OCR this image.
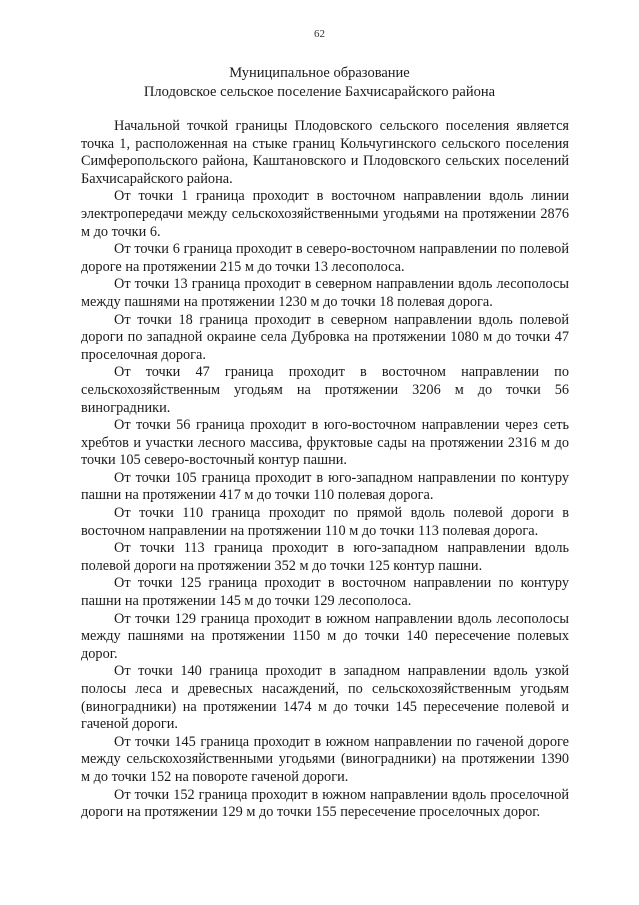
62
Муниципальное образование
Плодовское сельское поселение Бахчисарайского района

Начальной точкой границы Плодовского сельского поселения является точка 1, расположенная на стыке границ Кольчугинского сельского поселения Симферопольского района, Каштановского и Плодовского сельских поселений Бахчисарайского района.

От точки 1 граница проходит в восточном направлении вдоль линии электропередачи между сельскохозяйственными угодьями на протяжении 2876 м до точки 6.

От точки 6 граница проходит в северо-восточном направлении по полевой дороге на протяжении 215 м до точки 13 лесополоса.

От точки 13 граница проходит в северном направлении вдоль лесополосы между пашнями на протяжении 1230 м до точки 18 полевая дорога.

От точки 18 граница проходит в северном направлении вдоль полевой дороги по западной окраине села Дубровка на протяжении 1080 м до точки 47 проселочная дорога.

От точки 47 граница проходит в восточном направлении по сельскохозяйственным угодьям на протяжении 3206 м до точки 56 виноградники.

От точки 56 граница проходит в юго-восточном направлении через сеть хребтов и участки лесного массива, фруктовые сады на протяжении 2316 м до точки 105 северо-восточный контур пашни.

От точки 105 граница проходит в юго-западном направлении по контуру пашни на протяжении 417 м до точки 110 полевая дорога.

От точки 110 граница проходит по прямой вдоль полевой дороги в восточном направлении на протяжении 110 м до точки 113 полевая дорога.

От точки 113 граница проходит в юго-западном направлении вдоль полевой дороги на протяжении 352 м до точки 125 контур пашни.

От точки 125 граница проходит в восточном направлении по контуру пашни на протяжении 145 м до точки 129 лесополоса.

От точки 129 граница проходит в южном направлении вдоль лесополосы между пашнями на протяжении 1150 м до точки 140 пересечение полевых дорог.

От точки 140 граница проходит в западном направлении вдоль узкой полосы леса и древесных насаждений, по сельскохозяйственным угодьям (виноградники) на протяжении 1474 м до точки 145 пересечение полевой и гаченой дороги.

От точки 145 граница проходит в южном направлении по гаченой дороге между сельскохозяйственными угодьями (виноградники) на протяжении 1390 м до точки 152 на повороте гаченой дороги.

От точки 152 граница проходит в южном направлении вдоль проселочной дороги на протяжении 129 м до точки 155 пересечение проселочных дорог.
